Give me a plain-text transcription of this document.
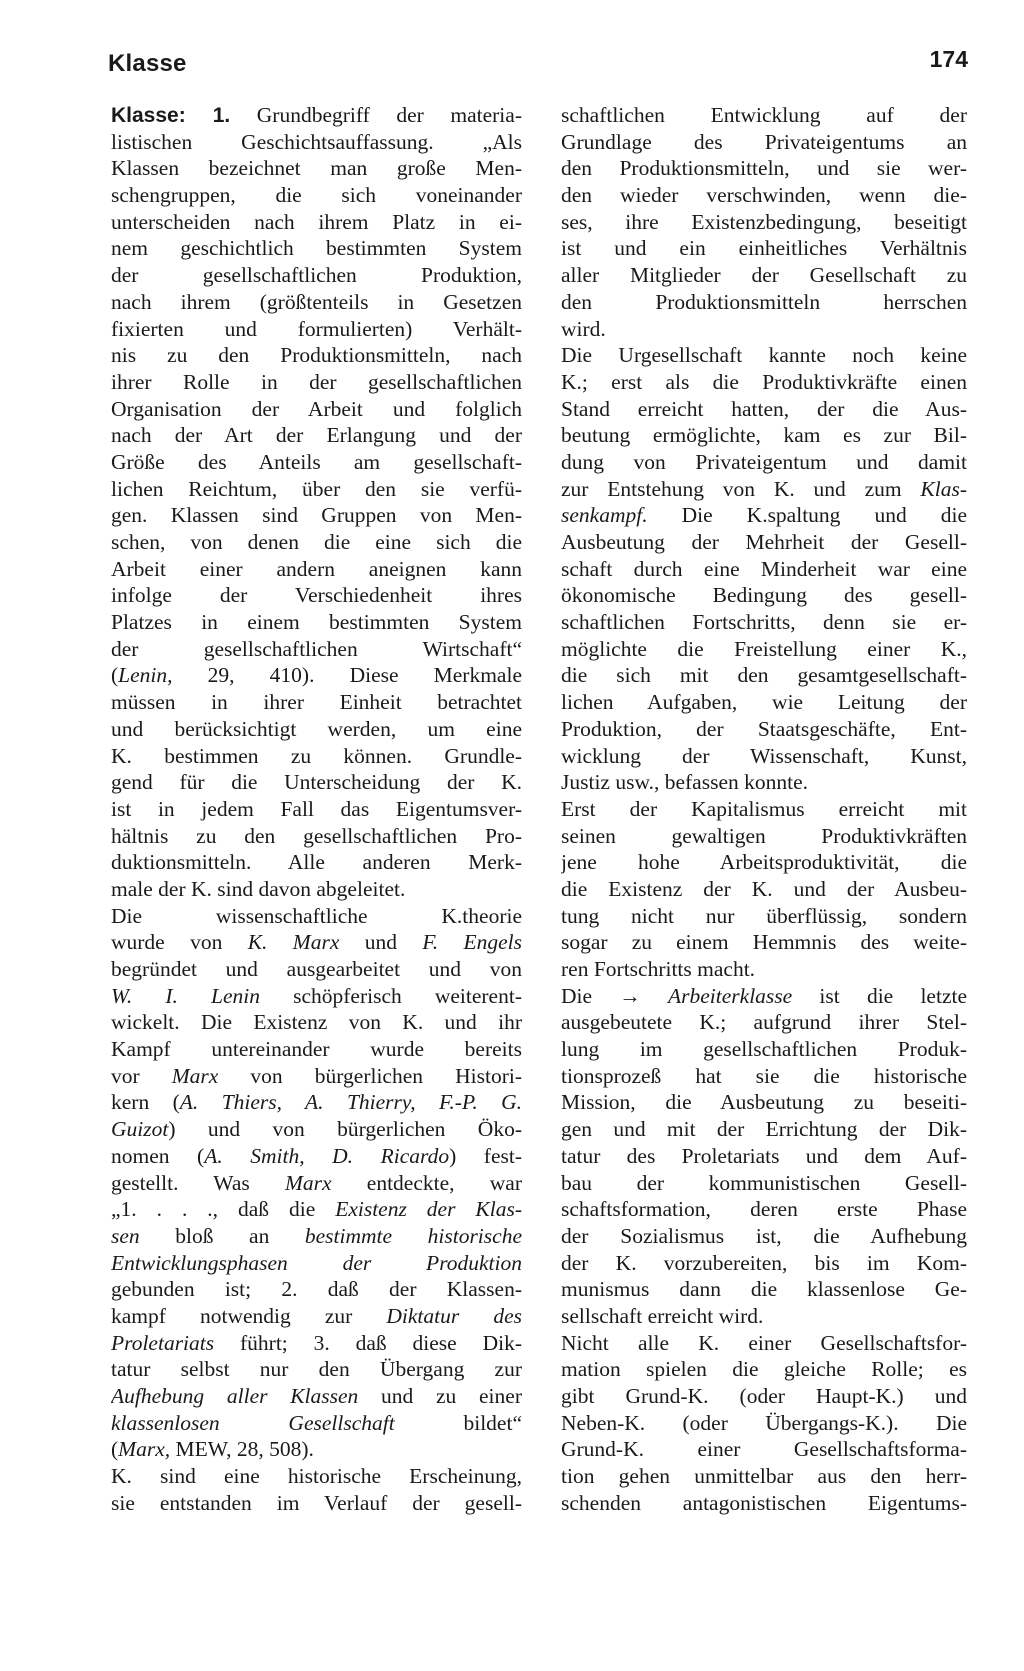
Klasse	174
Klasse: 1. Grundbegriff der materia-
listischen Geschichtsauffassung. „Als
Klassen bezeichnet man große Men-
schengruppen, die sich voneinander
unterscheiden nach ihrem Platz in ei-
nem geschichtlich bestimmten System
der gesellschaftlichen Produktion,
nach ihrem (größtenteils in Gesetzen
fixierten und formulierten) Verhält-
nis zu den Produktionsmitteln, nach
ihrer Rolle in der gesellschaftlichen
Organisation der Arbeit und folglich
nach der Art der Erlangung und der
Größe des Anteils am gesellschaft-
lichen Reichtum, über den sie verfü-
gen. Klassen sind Gruppen von Men-
schen, von denen die eine sich die
Arbeit einer andern aneignen kann
infolge der Verschiedenheit ihres
Platzes in einem bestimmten System
der gesellschaftlichen Wirtschaft“
(Lenin, 29, 410). Diese Merkmale
müssen in ihrer Einheit betrachtet
und berücksichtigt werden, um eine
K. bestimmen zu können. Grundle-
gend für die Unterscheidung der K.
ist in jedem Fall das Eigentumsver-
hältnis zu den gesellschaftlichen Pro-
duktionsmitteln. Alle anderen Merk-
male der K. sind davon abgeleitet.
Die wissenschaftliche K.theorie
wurde von K. Marx und F. Engels
begründet und ausgearbeitet und von
W. I. Lenin schöpferisch weiterent-
wickelt. Die Existenz von K. und ihr
Kampf untereinander wurde bereits
vor Marx von bürgerlichen Histori-
kern (A. Thiers, A. Thierry, F.-P. G.
Guizot) und von bürgerlichen Öko-
nomen (A. Smith, D. Ricardo) fest-
gestellt. Was Marx entdeckte, war
„1. . . ., daß die Existenz der Klas-
sen bloß an bestimmte historische
Entwicklungsphasen der Produktion
gebunden ist; 2. daß der Klassen-
kampf notwendig zur Diktatur des
Proletariats führt; 3. daß diese Dik-
tatur selbst nur den Übergang zur
Aufhebung aller Klassen und zu einer
klassenlosen Gesellschaft bildet“
(Marx, MEW, 28, 508).
K. sind eine historische Erscheinung,
sie entstanden im Verlauf der gesell-
schaftlichen Entwicklung auf der
Grundlage des Privateigentums an
den Produktionsmitteln, und sie wer-
den wieder verschwinden, wenn die-
ses, ihre Existenzbedingung, beseitigt
ist und ein einheitliches Verhältnis
aller Mitglieder der Gesellschaft zu
den Produktionsmitteln herrschen
wird.
Die Urgesellschaft kannte noch keine
K.; erst als die Produktivkräfte einen
Stand erreicht hatten, der die Aus-
beutung ermöglichte, kam es zur Bil-
dung von Privateigentum und damit
zur Entstehung von K. und zum Klas-
senkampf. Die K.spaltung und die
Ausbeutung der Mehrheit der Gesell-
schaft durch eine Minderheit war eine
ökonomische Bedingung des gesell-
schaftlichen Fortschritts, denn sie er-
möglichte die Freistellung einer K.,
die sich mit den gesamtgesellschaft-
lichen Aufgaben, wie Leitung der
Produktion, der Staatsgeschäfte, Ent-
wicklung der Wissenschaft, Kunst,
Justiz usw., befassen konnte.
Erst der Kapitalismus erreicht mit
seinen gewaltigen Produktivkräften
jene hohe Arbeitsproduktivität, die
die Existenz der K. und der Ausbeu-
tung nicht nur überflüssig, sondern
sogar zu einem Hemmnis des weite-
ren Fortschritts macht.
Die → Arbeiterklasse ist die letzte
ausgebeutete K.; aufgrund ihrer Stel-
lung im gesellschaftlichen Produk-
tionsprozeß hat sie die historische
Mission, die Ausbeutung zu beseiti-
gen und mit der Errichtung der Dik-
tatur des Proletariats und dem Auf-
bau der kommunistischen Gesell-
schaftsformation, deren erste Phase
der Sozialismus ist, die Aufhebung
der K. vorzubereiten, bis im Kom-
munismus dann die klassenlose Ge-
sellschaft erreicht wird.
Nicht alle K. einer Gesellschaftsfor-
mation spielen die gleiche Rolle; es
gibt Grund-K. (oder Haupt-K.) und
Neben-K. (oder Übergangs-K.). Die
Grund-K. einer Gesellschaftsforma-
tion gehen unmittelbar aus den herr-
schenden antagonistischen Eigentums-
